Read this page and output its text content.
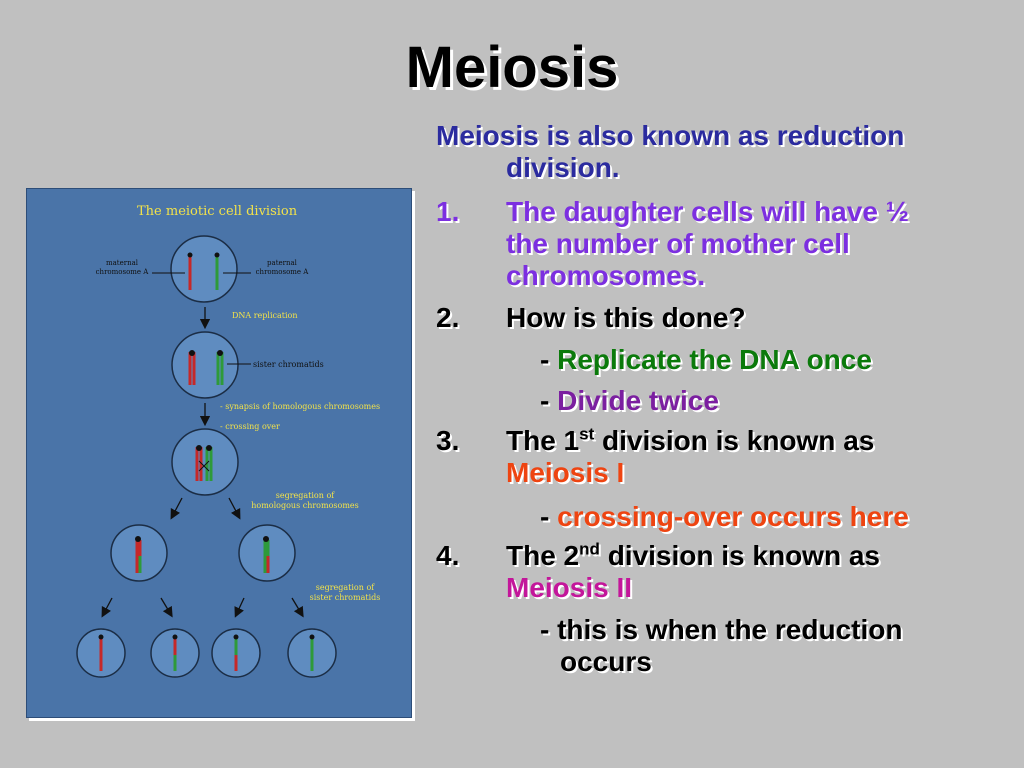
Meiosis
The meiotic cell division
maternal
chromosome A
paternal
chromosome A
DNA replication
sister chromatids
- synapsis of homologous chromosomes
- crossing over
segregation of
homologous chromosomes
segregation of
sister chromatids
Meiosis is also known as reduction
division.
1. The daughter cells will have ½
the number of mother cell
chromosomes.
2. How is this done?
- Replicate the DNA once
- Divide twice
3. The 1st division is known as
Meiosis I
- crossing-over occurs here
4. The 2nd division is known as
Meiosis II
- this is when the reduction
occurs
